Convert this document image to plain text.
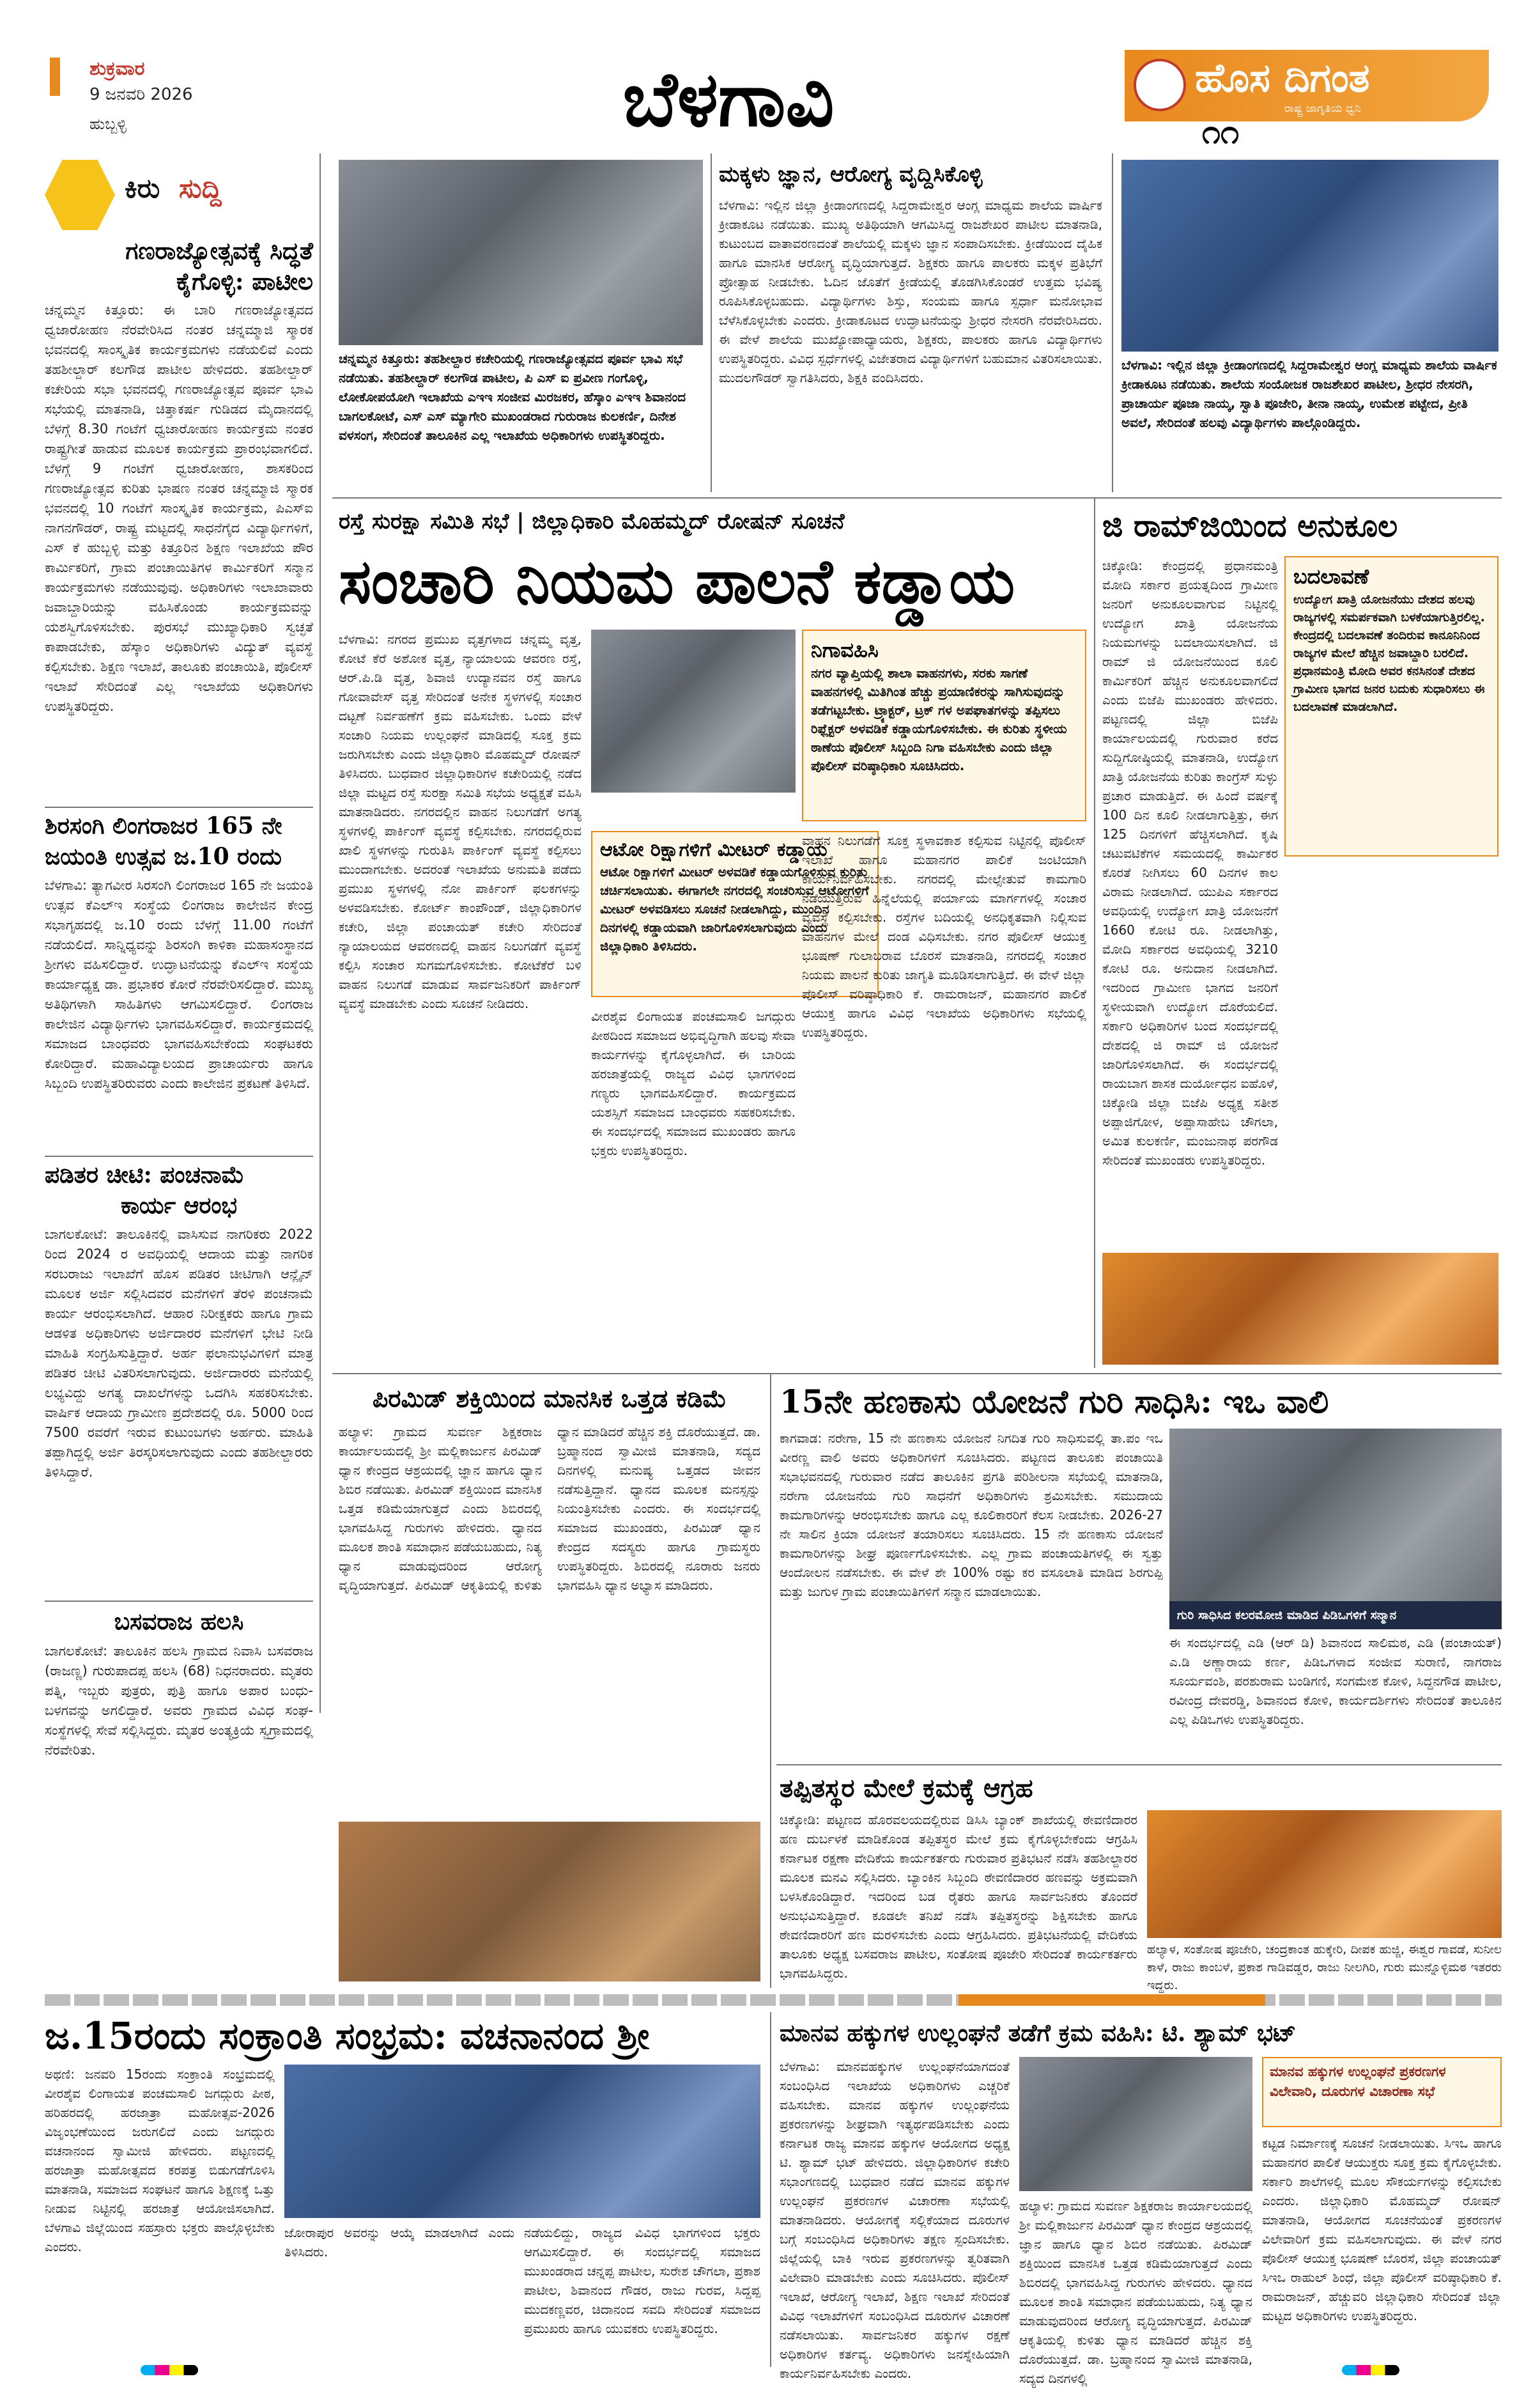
ಶುಕ್ರವಾರ
9 ಜನವರಿ 2026
ಹುಬ್ಬಳ್ಳಿ	ಬೆಳಗಾವಿ	ಹೊಸ ದಿಗಂತ
ರಾಷ್ಟ್ರ ಜಾಗೃತಿಯ ಧ್ವನಿ
೧೧
ಕಿರು ಸುದ್ದಿ
ಗಣರಾಜ್ಯೋತ್ಸವಕ್ಕೆ ಸಿದ್ಧತೆ
ಕೈಗೊಳ್ಳಿ: ಪಾಟೀಲ
ಚನ್ನಮ್ಮನ ಕಿತ್ತೂರು: ಈ ಬಾರಿ ಗಣರಾಜ್ಯೋತ್ಸವದ ಧ್ವಜಾರೋಹಣ ನೆರವೇರಿಸಿದ ನಂತರ ಚನ್ನಮ್ಮಾಜಿ ಸ್ಮಾರಕ ಭವನದಲ್ಲಿ ಸಾಂಸ್ಕೃತಿಕ ಕಾರ್ಯಕ್ರಮಗಳು ನಡೆಯಲಿವೆ ಎಂದು ತಹಶೀಲ್ದಾರ್ ಕಲಗೌಡ ಪಾಟೀಲ ಹೇಳಿದರು. ತಹಶೀಲ್ದಾರ್ ಕಚೇರಿಯ ಸಭಾ ಭವನದಲ್ಲಿ ಗಣರಾಜ್ಯೋತ್ಸವ ಪೂರ್ವ ಭಾವಿ ಸಭೆಯಲ್ಲಿ ಮಾತನಾಡಿ, ಚಿತ್ತಾಕರ್ಷ ಗುಡಿಡದ ಮೈದಾನದಲ್ಲಿ ಬೆಳಗ್ಗೆ 8.30 ಗಂಟೆಗೆ ಧ್ವಜಾರೋಹಣ ಕಾರ್ಯಕ್ರಮ ನಂತರ ರಾಷ್ಟ್ರಗೀತೆ ಹಾಡುವ ಮೂಲಕ ಕಾರ್ಯಕ್ರಮ ಪ್ರಾರಂಭವಾಗಲಿದೆ. ಬೆಳಗ್ಗೆ 9 ಗಂಟೆಗೆ ಧ್ವಜಾರೋಹಣ, ಶಾಸಕರಿಂದ ಗಣರಾಜ್ಯೋತ್ಸವ ಕುರಿತು ಭಾಷಣ ನಂತರ ಚನ್ನಮ್ಮಾಜಿ ಸ್ಮಾರಕ ಭವನದಲ್ಲಿ 10 ಗಂಟೆಗೆ ಸಾಂಸ್ಕೃತಿಕ ಕಾರ್ಯಕ್ರಮ, ಪಿಎಸ್ಐ ನಾಗನಗೌಡರ್, ರಾಷ್ಟ್ರ ಮಟ್ಟದಲ್ಲಿ ಸಾಧನೆಗೈದ ವಿದ್ಯಾರ್ಥಿಗಳಿಗೆ, ಎಸ್ ಕೆ ಹುಬ್ಬಳ್ಳಿ ಮತ್ತು ಕಿತ್ತೂರಿನ ಶಿಕ್ಷಣ ಇಲಾಖೆಯ ಪೌರ ಕಾರ್ಮಿಕರಿಗೆ, ಗ್ರಾಮ ಪಂಚಾಯಿತಿಗಳ ಕಾರ್ಮಿಕರಿಗೆ ಸನ್ಮಾನ ಕಾರ್ಯಕ್ರಮಗಳು ನಡೆಯುವುವು. ಅಧಿಕಾರಿಗಳು ಇಲಾಖಾವಾರು ಜವಾಬ್ದಾರಿಯನ್ನು ವಹಿಸಿಕೊಂಡು ಕಾರ್ಯಕ್ರಮವನ್ನು ಯಶಸ್ವಿಗೊಳಿಸಬೇಕು. ಪುರಸಭೆ ಮುಖ್ಯಾಧಿಕಾರಿ ಸ್ವಚ್ಛತೆ ಕಾಪಾಡಬೇಕು, ಹೆಸ್ಕಾಂ ಅಧಿಕಾರಿಗಳು ವಿದ್ಯುತ್ ವ್ಯವಸ್ಥೆ ಕಲ್ಪಿಸಬೇಕು. ಶಿಕ್ಷಣ ಇಲಾಖೆ, ತಾಲೂಕು ಪಂಚಾಯಿತಿ, ಪೊಲೀಸ್ ಇಲಾಖೆ ಸೇರಿದಂತೆ ಎಲ್ಲ ಇಲಾಖೆಯ ಅಧಿಕಾರಿಗಳು ಉಪಸ್ಥಿತರಿದ್ದರು.
ಶಿರಸಂಗಿ ಲಿಂಗರಾಜರ 165 ನೇ
ಜಯಂತಿ ಉತ್ಸವ ಜ.10 ರಂದು
ಬೆಳಗಾವಿ: ತ್ಯಾಗವೀರ ಸಿರಸಂಗಿ ಲಿಂಗರಾಜರ 165 ನೇ ಜಯಂತಿ ಉತ್ಸವ ಕೆಎಲ್ಇ ಸಂಸ್ಥೆಯ ಲಿಂಗರಾಜ ಕಾಲೇಜಿನ ಕೇಂದ್ರ ಸಭಾಗೃಹದಲ್ಲಿ ಜ.10 ರಂದು ಬೆಳಗ್ಗೆ 11.00 ಗಂಟೆಗೆ ನಡೆಯಲಿದೆ. ಸಾನ್ನಿಧ್ಯವನ್ನು ಶಿರಸಂಗಿ ಕಾಳಿಕಾ ಮಹಾಸಂಸ್ಥಾನದ ಶ್ರೀಗಳು ವಹಿಸಲಿದ್ದಾರೆ. ಉದ್ಘಾಟನೆಯನ್ನು ಕೆಎಲ್ಇ ಸಂಸ್ಥೆಯ ಕಾರ್ಯಾಧ್ಯಕ್ಷ ಡಾ. ಪ್ರಭಾಕರ ಕೋರೆ ನೆರವೇರಿಸಲಿದ್ದಾರೆ. ಮುಖ್ಯ ಅತಿಥಿಗಳಾಗಿ ಸಾಹಿತಿಗಳು ಆಗಮಿಸಲಿದ್ದಾರೆ. ಲಿಂಗರಾಜ ಕಾಲೇಜಿನ ವಿದ್ಯಾರ್ಥಿಗಳು ಭಾಗವಹಿಸಲಿದ್ದಾರೆ. ಕಾರ್ಯಕ್ರಮದಲ್ಲಿ ಸಮಾಜದ ಬಾಂಧವರು ಭಾಗವಹಿಸಬೇಕೆಂದು ಸಂಘಟಕರು ಕೋರಿದ್ದಾರೆ. ಮಹಾವಿದ್ಯಾಲಯದ ಪ್ರಾಚಾರ್ಯರು ಹಾಗೂ ಸಿಬ್ಬಂದಿ ಉಪಸ್ಥಿತರಿರುವರು ಎಂದು ಕಾಲೇಜಿನ ಪ್ರಕಟಣೆ ತಿಳಿಸಿದೆ.
ಪಡಿತರ ಚೀಟಿ: ಪಂಚನಾಮೆ
ಕಾರ್ಯ ಆರಂಭ
ಬಾಗಲಕೋಟೆ: ತಾಲೂಕಿನಲ್ಲಿ ವಾಸಿಸುವ ನಾಗರಿಕರು 2022 ರಿಂದ 2024 ರ ಅವಧಿಯಲ್ಲಿ ಆದಾಯ ಮತ್ತು ನಾಗರಿಕ ಸರಬರಾಜು ಇಲಾಖೆಗೆ ಹೊಸ ಪಡಿತರ ಚೀಟಿಗಾಗಿ ಆನ್ಲೈನ್ ಮೂಲಕ ಅರ್ಜಿ ಸಲ್ಲಿಸಿದವರ ಮನೆಗಳಿಗೆ ತೆರಳಿ ಪಂಚನಾಮೆ ಕಾರ್ಯ ಆರಂಭಿಸಲಾಗಿದೆ. ಆಹಾರ ನಿರೀಕ್ಷಕರು ಹಾಗೂ ಗ್ರಾಮ ಆಡಳಿತ ಅಧಿಕಾರಿಗಳು ಅರ್ಜಿದಾರರ ಮನೆಗಳಿಗೆ ಭೇಟಿ ನೀಡಿ ಮಾಹಿತಿ ಸಂಗ್ರಹಿಸುತ್ತಿದ್ದಾರೆ. ಅರ್ಹ ಫಲಾನುಭವಿಗಳಿಗೆ ಮಾತ್ರ ಪಡಿತರ ಚೀಟಿ ವಿತರಿಸಲಾಗುವುದು. ಅರ್ಜಿದಾರರು ಮನೆಯಲ್ಲಿ ಲಭ್ಯವಿದ್ದು ಅಗತ್ಯ ದಾಖಲೆಗಳನ್ನು ಒದಗಿಸಿ ಸಹಕರಿಸಬೇಕು. ವಾರ್ಷಿಕ ಆದಾಯ ಗ್ರಾಮೀಣ ಪ್ರದೇಶದಲ್ಲಿ ರೂ. 5000 ರಿಂದ 7500 ರವರೆಗೆ ಇರುವ ಕುಟುಂಬಗಳು ಅರ್ಹರು. ಮಾಹಿತಿ ತಪ್ಪಾಗಿದ್ದಲ್ಲಿ ಅರ್ಜಿ ತಿರಸ್ಕರಿಸಲಾಗುವುದು ಎಂದು ತಹಶೀಲ್ದಾರರು ತಿಳಿಸಿದ್ದಾರೆ.
ಬಸವರಾಜ ಹಲಸಿ
ಬಾಗಲಕೋಟೆ: ತಾಲೂಕಿನ ಹಲಸಿ ಗ್ರಾಮದ ನಿವಾಸಿ ಬಸವರಾಜ (ರಾಜಣ್ಣ) ಗುರುಪಾದಪ್ಪ ಹಲಸಿ (68) ನಿಧನರಾದರು. ಮೃತರು ಪತ್ನಿ, ಇಬ್ಬರು ಪುತ್ರರು, ಪುತ್ರಿ ಹಾಗೂ ಅಪಾರ ಬಂಧು-ಬಳಗವನ್ನು ಅಗಲಿದ್ದಾರೆ. ಅವರು ಗ್ರಾಮದ ವಿವಿಧ ಸಂಘ-ಸಂಸ್ಥೆಗಳಲ್ಲಿ ಸೇವೆ ಸಲ್ಲಿಸಿದ್ದರು. ಮೃತರ ಅಂತ್ಯಕ್ರಿಯೆ ಸ್ವಗ್ರಾಮದಲ್ಲಿ ನೆರವೇರಿತು.
ಚನ್ನಮ್ಮನ ಕಿತ್ತೂರು: ತಹಶೀಲ್ದಾರ ಕಚೇರಿಯಲ್ಲಿ ಗಣರಾಜ್ಯೋತ್ಸವದ ಪೂರ್ವ ಭಾವಿ ಸಭೆ ನಡೆಯಿತು. ತಹಶೀಲ್ದಾರ್ ಕಲಗೌಡ ಪಾಟೀಲ, ಪಿ ಎಸ್ ಐ ಪ್ರವೀಣ ಗಂಗೊಳ್ಳಿ, ಲೋಕೋಪಯೋಗಿ ಇಲಾಖೆಯ ಎಇಇ ಸಂಜೀವ ಮಿರಜಕರ, ಹೆಸ್ಕಾಂ ಎಇಇ ಶಿವಾನಂದ ಬಾಗಲಕೋಟೆ, ಎಸ್ ಎಸ್ ಮ್ಯಾಗೇರಿ ಮುಖಂಡರಾದ ಗುರುರಾಜ ಕುಲಕರ್ಣಿ, ದಿನೇಶ ವಳಸಂಗ, ಸೇರಿದಂತೆ ತಾಲೂಕಿನ ಎಲ್ಲ ಇಲಾಖೆಯ ಅಧಿಕಾರಿಗಳು ಉಪಸ್ಥಿತರಿದ್ದರು.
ಮಕ್ಕಳು ಜ್ಞಾನ, ಆರೋಗ್ಯ ವೃದ್ದಿಸಿಕೊಳ್ಳಿ
ಬೆಳಗಾವಿ: ಇಲ್ಲಿನ ಜಿಲ್ಲಾ ಕ್ರೀಡಾಂಗಣದಲ್ಲಿ ಸಿದ್ದರಾಮೇಶ್ವರ ಆಂಗ್ಲ ಮಾಧ್ಯಮ ಶಾಲೆಯ ವಾರ್ಷಿಕ ಕ್ರೀಡಾಕೂಟ ನಡೆಯಿತು. ಮುಖ್ಯ ಅತಿಥಿಯಾಗಿ ಆಗಮಿಸಿದ್ದ ರಾಜಶೇಖರ ಪಾಟೀಲ ಮಾತನಾಡಿ, ಕುಟುಂಬದ ವಾತಾವರಣದಂತೆ ಶಾಲೆಯಲ್ಲಿ ಮಕ್ಕಳು ಜ್ಞಾನ ಸಂಪಾದಿಸಬೇಕು. ಕ್ರೀಡೆಯಿಂದ ದೈಹಿಕ ಹಾಗೂ ಮಾನಸಿಕ ಆರೋಗ್ಯ ವೃದ್ಧಿಯಾಗುತ್ತದೆ. ಶಿಕ್ಷಕರು ಹಾಗೂ ಪಾಲಕರು ಮಕ್ಕಳ ಪ್ರತಿಭೆಗೆ ಪ್ರೋತ್ಸಾಹ ನೀಡಬೇಕು. ಓದಿನ ಜೊತೆಗೆ ಕ್ರೀಡೆಯಲ್ಲಿ ತೊಡಗಿಸಿಕೊಂಡರೆ ಉತ್ತಮ ಭವಿಷ್ಯ ರೂಪಿಸಿಕೊಳ್ಳಬಹುದು. ವಿದ್ಯಾರ್ಥಿಗಳು ಶಿಸ್ತು, ಸಂಯಮ ಹಾಗೂ ಸ್ಪರ್ಧಾ ಮನೋಭಾವ ಬೆಳೆಸಿಕೊಳ್ಳಬೇಕು ಎಂದರು. ಕ್ರೀಡಾಕೂಟದ ಉದ್ಘಾಟನೆಯನ್ನು ಶ್ರೀಧರ ನೇಸರಗಿ ನೆರವೇರಿಸಿದರು. ಈ ವೇಳೆ ಶಾಲೆಯ ಮುಖ್ಯೋಪಾಧ್ಯಾಯರು, ಶಿಕ್ಷಕರು, ಪಾಲಕರು ಹಾಗೂ ವಿದ್ಯಾರ್ಥಿಗಳು ಉಪಸ್ಥಿತರಿದ್ದರು. ವಿವಿಧ ಸ್ಪರ್ಧೆಗಳಲ್ಲಿ ವಿಜೇತರಾದ ವಿದ್ಯಾರ್ಥಿಗಳಿಗೆ ಬಹುಮಾನ ವಿತರಿಸಲಾಯಿತು. ಮುದಲಗೌಡರ್ ಸ್ವಾಗತಿಸಿದರು, ಶಿಕ್ಷಕಿ ವಂದಿಸಿದರು.
ಬೆಳಗಾವಿ: ಇಲ್ಲಿನ ಜಿಲ್ಲಾ ಕ್ರೀಡಾಂಗಣದಲ್ಲಿ ಸಿದ್ದರಾಮೇಶ್ವರ ಆಂಗ್ಲ ಮಾಧ್ಯಮ ಶಾಲೆಯ ವಾರ್ಷಿಕ ಕ್ರೀಡಾಕೂಟ ನಡೆಯಿತು. ಶಾಲೆಯ ಸಂಯೋಜಕ ರಾಜಶೇಖರ ಪಾಟೀಲ, ಶ್ರೀಧರ ನೇಸರಗಿ, ಪ್ರಾಚಾರ್ಯ ಪೂಜಾ ನಾಯ್ಕ, ಸ್ವಾತಿ ಪೂಜೇರಿ, ತೀನಾ ನಾಯ್ಕ, ಉಮೇಶ ಪಟ್ಟೇದ, ಪ್ರೀತಿ ಅವಲೆ, ಸೇರಿದಂತೆ ಹಲವು ವಿದ್ಯಾರ್ಥಿಗಳು ಪಾಲ್ಗೊಂಡಿದ್ದರು.
ರಸ್ತೆ ಸುರಕ್ಷಾ ಸಮಿತಿ ಸಭೆ | ಜಿಲ್ಲಾಧಿಕಾರಿ ಮೊಹಮ್ಮದ್ ರೋಷನ್ ಸೂಚನೆ
ಸಂಚಾರಿ ನಿಯಮ ಪಾಲನೆ ಕಡ್ಡಾಯ
ಬೆಳಗಾವಿ: ನಗರದ ಪ್ರಮುಖ ವೃತ್ತಗಳಾದ ಚನ್ನಮ್ಮ ವೃತ್ತ, ಕೋಟೆ ಕೆರೆ ಅಶೋಕ ವೃತ್ತ, ನ್ಯಾಯಾಲಯ ಆವರಣ ರಸ್ತೆ, ಆರ್.ಪಿ.ಡಿ ವೃತ್ತ, ಶಿವಾಜಿ ಉದ್ಯಾನವನ ರಸ್ತೆ ಹಾಗೂ ಗೋವಾವೇಸ್ ವೃತ್ತ ಸೇರಿದಂತೆ ಅನೇಕ ಸ್ಥಳಗಳಲ್ಲಿ ಸಂಚಾರ ದಟ್ಟಣೆ ನಿರ್ವಹಣೆಗೆ ಕ್ರಮ ವಹಿಸಬೇಕು. ಒಂದು ವೇಳೆ ಸಂಚಾರಿ ನಿಯಮ ಉಲ್ಲಂಘನೆ ಮಾಡಿದಲ್ಲಿ ಸೂಕ್ತ ಕ್ರಮ ಜರುಗಿಸಬೇಕು ಎಂದು ಜಿಲ್ಲಾಧಿಕಾರಿ ಮೊಹಮ್ಮದ್ ರೋಷನ್ ತಿಳಿಸಿದರು. ಬುಧವಾರ ಜಿಲ್ಲಾಧಿಕಾರಿಗಳ ಕಚೇರಿಯಲ್ಲಿ ನಡೆದ ಜಿಲ್ಲಾ ಮಟ್ಟದ ರಸ್ತೆ ಸುರಕ್ಷಾ ಸಮಿತಿ ಸಭೆಯ ಅಧ್ಯಕ್ಷತೆ ವಹಿಸಿ ಮಾತನಾಡಿದರು. ನಗರದಲ್ಲಿನ ವಾಹನ ನಿಲುಗಡೆಗೆ ಅಗತ್ಯ ಸ್ಥಳಗಳಲ್ಲಿ ಪಾರ್ಕಿಂಗ್ ವ್ಯವಸ್ಥೆ ಕಲ್ಪಿಸಬೇಕು. ನಗರದಲ್ಲಿರುವ ಖಾಲಿ ಸ್ಥಳಗಳನ್ನು ಗುರುತಿಸಿ ಪಾರ್ಕಿಂಗ್ ವ್ಯವಸ್ಥೆ ಕಲ್ಪಿಸಲು ಮುಂದಾಗಬೇಕು. ಅದರಂತೆ ಇಲಾಖೆಯ ಅನುಮತಿ ಪಡೆದು ಪ್ರಮುಖ ಸ್ಥಳಗಳಲ್ಲಿ ನೋ ಪಾರ್ಕಿಂಗ್ ಫಲಕಗಳನ್ನು ಅಳವಡಿಸಬೇಕು. ಕೋರ್ಟ್ ಕಾಂಪೌಂಡ್, ಜಿಲ್ಲಾಧಿಕಾರಿಗಳ ಕಚೇರಿ, ಜಿಲ್ಲಾ ಪಂಚಾಯತ್ ಕಚೇರಿ ಸೇರಿದಂತೆ ನ್ಯಾಯಾಲಯದ ಆವರಣದಲ್ಲಿ ವಾಹನ ನಿಲುಗಡೆಗೆ ವ್ಯವಸ್ಥೆ ಕಲ್ಪಿಸಿ ಸಂಚಾರ ಸುಗಮಗೊಳಿಸಬೇಕು. ಕೋಟೆಕೆರೆ ಬಳಿ ವಾಹನ ನಿಲುಗಡೆ ಮಾಡುವ ಸಾರ್ವಜನಿಕರಿಗೆ ಪಾರ್ಕಿಂಗ್ ವ್ಯವಸ್ಥೆ ಮಾಡಬೇಕು ಎಂದು ಸೂಚನೆ ನೀಡಿದರು.
ನಿಗಾವಹಿಸಿ
ನಗರ ವ್ಯಾಪ್ತಿಯಲ್ಲಿ ಶಾಲಾ ವಾಹನಗಳು, ಸರಕು ಸಾಗಣೆ ವಾಹನಗಳಲ್ಲಿ ಮಿತಿಗಿಂತ ಹೆಚ್ಚು ಪ್ರಯಾಣಿಕರನ್ನು ಸಾಗಿಸುವುದನ್ನು ತಡೆಗಟ್ಟಬೇಕು. ಟ್ರ್ಯಾಕ್ಟರ್, ಟ್ರಕ್ ಗಳ ಅಪಘಾತಗಳನ್ನು ತಪ್ಪಿಸಲು ರಿಫ್ಲೆಕ್ಟರ್ ಅಳವಡಿಕೆ ಕಡ್ಡಾಯಗೊಳಿಸಬೇಕು. ಈ ಕುರಿತು ಸ್ಥಳೀಯ ಠಾಣೆಯ ಪೊಲೀಸ್ ಸಿಬ್ಬಂದಿ ನಿಗಾ ವಹಿಸಬೇಕು ಎಂದು ಜಿಲ್ಲಾ ಪೊಲೀಸ್ ವರಿಷ್ಠಾಧಿಕಾರಿ ಸೂಚಿಸಿದರು.
ಆಟೋ ರಿಕ್ಷಾಗಳಿಗೆ ಮೀಟರ್ ಕಡ್ಡಾಯ
ಆಟೋ ರಿಕ್ಷಾಗಳಿಗೆ ಮೀಟರ್ ಅಳವಡಿಕೆ ಕಡ್ಡಾಯಗೊಳಿಸುವ ಕುರಿತು ಚರ್ಚಿಸಲಾಯಿತು. ಈಗಾಗಲೇ ನಗರದಲ್ಲಿ ಸಂಚರಿಸುವ ಆಟೋಗಳಿಗೆ ಮೀಟರ್ ಅಳವಡಿಸಲು ಸೂಚನೆ ನೀಡಲಾಗಿದ್ದು, ಮುಂದಿನ ದಿನಗಳಲ್ಲಿ ಕಡ್ಡಾಯವಾಗಿ ಜಾರಿಗೊಳಿಸಲಾಗುವುದು ಎಂದು ಜಿಲ್ಲಾಧಿಕಾರಿ ತಿಳಿಸಿದರು.
ವಾಹನ ನಿಲುಗಡೆಗೆ ಸೂಕ್ತ ಸ್ಥಳಾವಕಾಶ ಕಲ್ಪಿಸುವ ನಿಟ್ಟಿನಲ್ಲಿ ಪೊಲೀಸ್ ಇಲಾಖೆ ಹಾಗೂ ಮಹಾನಗರ ಪಾಲಿಕೆ ಜಂಟಿಯಾಗಿ ಕಾರ್ಯನಿರ್ವಹಿಸಬೇಕು. ನಗರದಲ್ಲಿ ಮೇಲ್ಸೇತುವೆ ಕಾಮಗಾರಿ ನಡೆಯುತ್ತಿರುವ ಹಿನ್ನೆಲೆಯಲ್ಲಿ ಪರ್ಯಾಯ ಮಾರ್ಗಗಳಲ್ಲಿ ಸಂಚಾರ ವ್ಯವಸ್ಥೆ ಕಲ್ಪಿಸಬೇಕು. ರಸ್ತೆಗಳ ಬದಿಯಲ್ಲಿ ಅನಧಿಕೃತವಾಗಿ ನಿಲ್ಲಿಸುವ ವಾಹನಗಳ ಮೇಲೆ ದಂಡ ವಿಧಿಸಬೇಕು. ನಗರ ಪೊಲೀಸ್ ಆಯುಕ್ತ ಭೂಷಣ್ ಗುಲಾಬರಾವ ಬೊರಸೆ ಮಾತನಾಡಿ, ನಗರದಲ್ಲಿ ಸಂಚಾರ ನಿಯಮ ಪಾಲನೆ ಕುರಿತು ಜಾಗೃತಿ ಮೂಡಿಸಲಾಗುತ್ತಿದೆ. ಈ ವೇಳೆ ಜಿಲ್ಲಾ ಪೊಲೀಸ್ ವರಿಷ್ಠಾಧಿಕಾರಿ ಕೆ. ರಾಮರಾಜನ್, ಮಹಾನಗರ ಪಾಲಿಕೆ ಆಯುಕ್ತ ಹಾಗೂ ವಿವಿಧ ಇಲಾಖೆಯ ಅಧಿಕಾರಿಗಳು ಸಭೆಯಲ್ಲಿ ಉಪಸ್ಥಿತರಿದ್ದರು.
ವೀರಶೈವ ಲಿಂಗಾಯತ ಪಂಚಮಸಾಲಿ ಜಗದ್ಗುರು ಪೀಠದಿಂದ ಸಮಾಜದ ಅಭಿವೃದ್ಧಿಗಾಗಿ ಹಲವು ಸೇವಾ ಕಾರ್ಯಗಳನ್ನು ಕೈಗೊಳ್ಳಲಾಗಿದೆ. ಈ ಬಾರಿಯ ಹರಜಾತ್ರೆಯಲ್ಲಿ ರಾಜ್ಯದ ವಿವಿಧ ಭಾಗಗಳಿಂದ ಗಣ್ಯರು ಭಾಗವಹಿಸಲಿದ್ದಾರೆ. ಕಾರ್ಯಕ್ರಮದ ಯಶಸ್ಸಿಗೆ ಸಮಾಜದ ಬಾಂಧವರು ಸಹಕರಿಸಬೇಕು. ಈ ಸಂದರ್ಭದಲ್ಲಿ ಸಮಾಜದ ಮುಖಂಡರು ಹಾಗೂ ಭಕ್ತರು ಉಪಸ್ಥಿತರಿದ್ದರು.
ಜಿ ರಾಮ್‌ಜಿಯಿಂದ ಅನುಕೂಲ
ಬದಲಾವಣೆ
ಉದ್ಯೋಗ ಖಾತ್ರಿ ಯೋಜನೆಯು ದೇಶದ ಹಲವು ರಾಜ್ಯಗಳಲ್ಲಿ ಸಮರ್ಪಕವಾಗಿ ಬಳಕೆಯಾಗುತ್ತಿರಲಿಲ್ಲ. ಕೇಂದ್ರದಲ್ಲಿ ಬದಲಾವಣೆ ತಂದಿರುವ ಕಾನೂನಿನಿಂದ ರಾಜ್ಯಗಳ ಮೇಲೆ ಹೆಚ್ಚಿನ ಜವಾಬ್ದಾರಿ ಬರಲಿದೆ. ಪ್ರಧಾನಮಂತ್ರಿ ಮೋದಿ ಅವರ ಕನಸಿನಂತೆ ದೇಶದ ಗ್ರಾಮೀಣ ಭಾಗದ ಜನರ ಬದುಕು ಸುಧಾರಿಸಲು ಈ ಬದಲಾವಣೆ ಮಾಡಲಾಗಿದೆ.
ಚಿಕ್ಕೋಡಿ: ಕೇಂದ್ರದಲ್ಲಿ ಪ್ರಧಾನಮಂತ್ರಿ ಮೋದಿ ಸರ್ಕಾರ ಪ್ರಯತ್ನದಿಂದ ಗ್ರಾಮೀಣ ಜನರಿಗೆ ಅನುಕೂಲವಾಗುವ ನಿಟ್ಟಿನಲ್ಲಿ ಉದ್ಯೋಗ ಖಾತ್ರಿ ಯೋಜನೆಯ ನಿಯಮಗಳನ್ನು ಬದಲಾಯಿಸಲಾಗಿದೆ. ಜಿ ರಾಮ್ ಜಿ ಯೋಜನೆಯಿಂದ ಕೂಲಿ ಕಾರ್ಮಿಕರಿಗೆ ಹೆಚ್ಚಿನ ಅನುಕೂಲವಾಗಲಿದೆ ಎಂದು ಬಿಜೆಪಿ ಮುಖಂಡರು ಹೇಳಿದರು. ಪಟ್ಟಣದಲ್ಲಿ ಜಿಲ್ಲಾ ಬಿಜೆಪಿ ಕಾರ್ಯಾಲಯದಲ್ಲಿ ಗುರುವಾರ ಕರೆದ ಸುದ್ದಿಗೋಷ್ಠಿಯಲ್ಲಿ ಮಾತನಾಡಿ, ಉದ್ಯೋಗ ಖಾತ್ರಿ ಯೋಜನೆಯ ಕುರಿತು ಕಾಂಗ್ರೆಸ್ ಸುಳ್ಳು ಪ್ರಚಾರ ಮಾಡುತ್ತಿದೆ. ಈ ಹಿಂದೆ ವರ್ಷಕ್ಕೆ 100 ದಿನ ಕೂಲಿ ನೀಡಲಾಗುತ್ತಿತ್ತು, ಈಗ 125 ದಿನಗಳಿಗೆ ಹೆಚ್ಚಿಸಲಾಗಿದೆ. ಕೃಷಿ ಚಟುವಟಿಕೆಗಳ ಸಮಯದಲ್ಲಿ ಕಾರ್ಮಿಕರ ಕೊರತೆ ನೀಗಿಸಲು 60 ದಿನಗಳ ಕಾಲ ವಿರಾಮ ನೀಡಲಾಗಿದೆ. ಯುಪಿಎ ಸರ್ಕಾರದ ಅವಧಿಯಲ್ಲಿ ಉದ್ಯೋಗ ಖಾತ್ರಿ ಯೋಜನೆಗೆ 1660 ಕೋಟಿ ರೂ. ನೀಡಲಾಗಿತ್ತು, ಮೋದಿ ಸರ್ಕಾರದ ಅವಧಿಯಲ್ಲಿ 3210 ಕೋಟಿ ರೂ. ಅನುದಾನ ನೀಡಲಾಗಿದೆ. ಇದರಿಂದ ಗ್ರಾಮೀಣ ಭಾಗದ ಜನರಿಗೆ ಸ್ಥಳೀಯವಾಗಿ ಉದ್ಯೋಗ ದೊರೆಯಲಿದೆ. ಸರ್ಕಾರಿ ಅಧಿಕಾರಿಗಳ ಬಂದ ಸಂದರ್ಭದಲ್ಲಿ ದೇಶದಲ್ಲಿ ಜಿ ರಾಮ್ ಜಿ ಯೋಜನೆ ಜಾರಿಗೊಳಿಸಲಾಗಿದೆ. ಈ ಸಂದರ್ಭದಲ್ಲಿ ರಾಯಬಾಗ ಶಾಸಕ ದುರ್ಯೋಧನ ಐಹೊಳೆ, ಚಿಕ್ಕೋಡಿ ಜಿಲ್ಲಾ ಬಿಜೆಪಿ ಅಧ್ಯಕ್ಷ ಸತೀಶ ಅಪ್ಪಾಜಿಗೋಳ, ಅಪ್ಪಾಸಾಹೇಬ ಚೌಗಲಾ, ಅಮಿತ ಕುಲಕರ್ಣಿ, ಮಂಜುನಾಥ ಪರಗೌಡ ಸೇರಿದಂತೆ ಮುಖಂಡರು ಉಪಸ್ಥಿತರಿದ್ದರು.
ಪಿರಮಿಡ್ ಶಕ್ತಿಯಿಂದ ಮಾನಸಿಕ ಒತ್ತಡ ಕಡಿಮೆ
ಹಲ್ಯಾಳ: ಗ್ರಾಮದ ಸುವರ್ಣ ಶಿಕ್ಷಕರಾಜ ಕಾರ್ಯಾಲಯದಲ್ಲಿ ಶ್ರೀ ಮಲ್ಲಿಕಾರ್ಜುನ ಪಿರಮಿಡ್ ಧ್ಯಾನ ಕೇಂದ್ರದ ಆಶ್ರಯದಲ್ಲಿ ಜ್ಞಾನ ಹಾಗೂ ಧ್ಯಾನ ಶಿಬಿರ ನಡೆಯಿತು. ಪಿರಮಿಡ್ ಶಕ್ತಿಯಿಂದ ಮಾನಸಿಕ ಒತ್ತಡ ಕಡಿಮೆಯಾಗುತ್ತದೆ ಎಂದು ಶಿಬಿರದಲ್ಲಿ ಭಾಗವಹಿಸಿದ್ದ ಗುರುಗಳು ಹೇಳಿದರು. ಧ್ಯಾನದ ಮೂಲಕ ಶಾಂತಿ ಸಮಾಧಾನ ಪಡೆಯಬಹುದು, ನಿತ್ಯ ಧ್ಯಾನ ಮಾಡುವುದರಿಂದ ಆರೋಗ್ಯ ವೃದ್ಧಿಯಾಗುತ್ತದೆ. ಪಿರಮಿಡ್ ಆಕೃತಿಯಲ್ಲಿ ಕುಳಿತು ಧ್ಯಾನ ಮಾಡಿದರೆ ಹೆಚ್ಚಿನ ಶಕ್ತಿ ದೊರೆಯುತ್ತದೆ. ಡಾ. ಬ್ರಹ್ಮಾನಂದ ಸ್ವಾಮೀಜಿ ಮಾತನಾಡಿ, ಸದ್ಯದ ದಿನಗಳಲ್ಲಿ ಮನುಷ್ಯ ಒತ್ತಡದ ಜೀವನ ನಡೆಸುತ್ತಿದ್ದಾನೆ. ಧ್ಯಾನದ ಮೂಲಕ ಮನಸ್ಸನ್ನು ನಿಯಂತ್ರಿಸಬೇಕು ಎಂದರು. ಈ ಸಂದರ್ಭದಲ್ಲಿ ಸಮಾಜದ ಮುಖಂಡರು, ಪಿರಮಿಡ್ ಧ್ಯಾನ ಕೇಂದ್ರದ ಸದಸ್ಯರು ಹಾಗೂ ಗ್ರಾಮಸ್ಥರು ಉಪಸ್ಥಿತರಿದ್ದರು. ಶಿಬಿರದಲ್ಲಿ ನೂರಾರು ಜನರು ಭಾಗವಹಿಸಿ ಧ್ಯಾನ ಅಭ್ಯಾಸ ಮಾಡಿದರು.
15ನೇ ಹಣಕಾಸು ಯೋಜನೆ ಗುರಿ ಸಾಧಿಸಿ: ಇಒ ವಾಲಿ
ಕಾಗವಾಡ: ನರೇಗಾ, 15 ನೇ ಹಣಕಾಸು ಯೋಜನೆ ನಿಗದಿತ ಗುರಿ ಸಾಧಿಸುವಲ್ಲಿ ತಾ.ಪಂ ಇಒ ವೀರಣ್ಣ ವಾಲಿ ಅವರು ಅಧಿಕಾರಿಗಳಿಗೆ ಸೂಚಿಸಿದರು. ಪಟ್ಟಣದ ತಾಲೂಕು ಪಂಚಾಯಿತಿ ಸಭಾಭವನದಲ್ಲಿ ಗುರುವಾರ ನಡೆದ ತಾಲೂಕಿನ ಪ್ರಗತಿ ಪರಿಶೀಲನಾ ಸಭೆಯಲ್ಲಿ ಮಾತನಾಡಿ, ನರೇಗಾ ಯೋಜನೆಯ ಗುರಿ ಸಾಧನೆಗೆ ಅಧಿಕಾರಿಗಳು ಶ್ರಮಿಸಬೇಕು. ಸಮುದಾಯ ಕಾಮಗಾರಿಗಳನ್ನು ಆರಂಭಿಸಬೇಕು ಹಾಗೂ ಎಲ್ಲ ಕೂಲಿಕಾರರಿಗೆ ಕೆಲಸ ನೀಡಬೇಕು. 2026-27 ನೇ ಸಾಲಿನ ಕ್ರಿಯಾ ಯೋಜನೆ ತಯಾರಿಸಲು ಸೂಚಿಸಿದರು. 15 ನೇ ಹಣಕಾಸು ಯೋಜನೆ ಕಾಮಗಾರಿಗಳನ್ನು ಶೀಘ್ರ ಪೂರ್ಣಗೊಳಿಸಬೇಕು. ಎಲ್ಲ ಗ್ರಾಮ ಪಂಚಾಯತಿಗಳಲ್ಲಿ ಈ ಸ್ವತ್ತು ಆಂದೋಲನ ನಡೆಸಬೇಕು. ಈ ವೇಳೆ ಶೇ 100% ರಷ್ಟು ಕರ ವಸೂಲಾತಿ ಮಾಡಿದ ಶಿರಗುಪ್ಪಿ ಮತ್ತು ಜುಗುಳ ಗ್ರಾಮ ಪಂಚಾಯಿತಿಗಳಿಗೆ ಸನ್ಮಾನ ಮಾಡಲಾಯಿತು.
ಗುರಿ ಸಾಧಿಸಿದ ಕಲರಮೋಜಿ ಮಾಡಿದ ಪಿಡಿಒಗಳಿಗೆ ಸನ್ಮಾನ
ಈ ಸಂದರ್ಭದಲ್ಲಿ ಎಡಿ (ಆರ್ ಡಿ) ಶಿವಾನಂದ ಸಾಲಿಮಠ, ಎಡಿ (ಪಂಚಾಯತ್) ಎ.ಡಿ ಅಣ್ಣಾರಾಯ ಕರ್ಣ, ಪಿಡಿಒಗಳಾದ ಸಂಜೀವ ಸುರಾಣಿ, ನಾಗರಾಜ ಸೂರ್ಯವಂಶಿ, ಪರಶುರಾಮ ಬಂಡಿಗಣಿ, ಸಂಗಮೇಶ ಕೋಳಿ, ಸಿದ್ದನಗೌಡ ಪಾಟೀಲ, ರವೀಂದ್ರ ದೇವರಡ್ಡಿ, ಶಿವಾನಂದ ಕೋಳಿ, ಕಾರ್ಯದರ್ಶಿಗಳು ಸೇರಿದಂತೆ ತಾಲೂಕಿನ ಎಲ್ಲ ಪಿಡಿಒಗಳು ಉಪಸ್ಥಿತರಿದ್ದರು.
ತಪ್ಪಿತಸ್ಥರ ಮೇಲೆ ಕ್ರಮಕ್ಕೆ ಆಗ್ರಹ
ಚಿಕ್ಕೋಡಿ: ಪಟ್ಟಣದ ಹೊರವಲಯದಲ್ಲಿರುವ ಡಿಸಿಸಿ ಬ್ಯಾಂಕ್ ಶಾಖೆಯಲ್ಲಿ ಠೇವಣಿದಾರರ ಹಣ ದುರ್ಬಳಕೆ ಮಾಡಿಕೊಂಡ ತಪ್ಪಿತಸ್ಥರ ಮೇಲೆ ಕ್ರಮ ಕೈಗೊಳ್ಳಬೇಕೆಂದು ಆಗ್ರಹಿಸಿ ಕರ್ನಾಟಕ ರಕ್ಷಣಾ ವೇದಿಕೆಯ ಕಾರ್ಯಕರ್ತರು ಗುರುವಾರ ಪ್ರತಿಭಟನೆ ನಡೆಸಿ ತಹಶೀಲ್ದಾರರ ಮೂಲಕ ಮನವಿ ಸಲ್ಲಿಸಿದರು. ಬ್ಯಾಂಕಿನ ಸಿಬ್ಬಂದಿ ಠೇವಣಿದಾರರ ಹಣವನ್ನು ಅಕ್ರಮವಾಗಿ ಬಳಸಿಕೊಂಡಿದ್ದಾರೆ. ಇದರಿಂದ ಬಡ ರೈತರು ಹಾಗೂ ಸಾರ್ವಜನಿಕರು ತೊಂದರೆ ಅನುಭವಿಸುತ್ತಿದ್ದಾರೆ. ಕೂಡಲೇ ತನಿಖೆ ನಡೆಸಿ ತಪ್ಪಿತಸ್ಥರನ್ನು ಶಿಕ್ಷಿಸಬೇಕು ಹಾಗೂ ಠೇವಣಿದಾರರಿಗೆ ಹಣ ಮರಳಿಸಬೇಕು ಎಂದು ಆಗ್ರಹಿಸಿದರು. ಪ್ರತಿಭಟನೆಯಲ್ಲಿ ವೇದಿಕೆಯ ತಾಲೂಕು ಅಧ್ಯಕ್ಷ ಬಸವರಾಜ ಪಾಟೀಲ, ಸಂತೋಷ ಪೂಜೇರಿ ಸೇರಿದಂತೆ ಕಾರ್ಯಕರ್ತರು ಭಾಗವಹಿಸಿದ್ದರು.
ಹಲ್ಯಾಳ, ಸಂತೋಷ ಪೂಜೇರಿ, ಚಂದ್ರಕಾಂತ ಹುಕ್ಕೇರಿ, ದೀಪಕ ಹುಜ್ಜಿ, ಈಶ್ವರ ಗಾವಡೆ, ಸುನೀಲ ಕಾಳೆ, ರಾಜು ಕಾಂಬಳೆ, ಪ್ರಕಾಶ ಗಾಡಿವಡ್ಡರ, ರಾಜು ನೀಲಗಿರಿ, ಗುರು ಮುನ್ನೊಳ್ಳಿಮಠ ಇತರರು ಇದ್ದರು.
ಜ.15ರಂದು ಸಂಕ್ರಾಂತಿ ಸಂಭ್ರಮ: ವಚನಾನಂದ ಶ್ರೀ
ಅಥಣಿ: ಜನವರಿ 15ರಂದು ಸಂಕ್ರಾಂತಿ ಸಂಭ್ರಮದಲ್ಲಿ ವೀರಶೈವ ಲಿಂಗಾಯತ ಪಂಚಮಸಾಲಿ ಜಗದ್ಗುರು ಪೀಠ, ಹರಿಹರದಲ್ಲಿ ಹರಜಾತ್ರಾ ಮಹೋತ್ಸವ-2026 ವಿಜೃಂಭಣೆಯಿಂದ ಜರುಗಲಿದೆ ಎಂದು ಜಗದ್ಗುರು ವಚನಾನಂದ ಸ್ವಾಮೀಜಿ ಹೇಳಿದರು. ಪಟ್ಟಣದಲ್ಲಿ ಹರಜಾತ್ರಾ ಮಹೋತ್ಸವದ ಕರಪತ್ರ ಬಿಡುಗಡೆಗೊಳಿಸಿ ಮಾತನಾಡಿ, ಸಮಾಜದ ಸಂಘಟನೆ ಹಾಗೂ ಶಿಕ್ಷಣಕ್ಕೆ ಒತ್ತು ನೀಡುವ ನಿಟ್ಟಿನಲ್ಲಿ ಹರಜಾತ್ರೆ ಆಯೋಜಿಸಲಾಗಿದೆ. ಬೆಳಗಾವಿ ಜಿಲ್ಲೆಯಿಂದ ಸಹಸ್ರಾರು ಭಕ್ತರು ಪಾಲ್ಗೊಳ್ಳಬೇಕು ಎಂದರು.
ಜೋರಾಪುರ ಅವರನ್ನು ಆಯ್ಕೆ ಮಾಡಲಾಗಿದೆ ಎಂದು ತಿಳಿಸಿದರು.
ನಡೆಯಲಿದ್ದು, ರಾಜ್ಯದ ವಿವಿಧ ಭಾಗಗಳಿಂದ ಭಕ್ತರು ಆಗಮಿಸಲಿದ್ದಾರೆ. ಈ ಸಂದರ್ಭದಲ್ಲಿ ಸಮಾಜದ ಮುಖಂಡರಾದ ಚನ್ನಪ್ಪ ಪಾಟೀಲ, ಸುರೇಶ ಚೌಗಲಾ, ಪ್ರಕಾಶ ಪಾಟೀಲ, ಶಿವಾನಂದ ಗೌಡರ, ರಾಜು ಗುರವ, ಸಿದ್ದಪ್ಪ ಮುದಕಣ್ಣವರ, ಚಿದಾನಂದ ಸವದಿ ಸೇರಿದಂತೆ ಸಮಾಜದ ಪ್ರಮುಖರು ಹಾಗೂ ಯುವಕರು ಉಪಸ್ಥಿತರಿದ್ದರು.
ಮಾನವ ಹಕ್ಕುಗಳ ಉಲ್ಲಂಘನೆ ತಡೆಗೆ ಕ್ರಮ ವಹಿಸಿ: ಟಿ. ಶ್ಯಾಮ್ ಭಟ್
ಬೆಳಗಾವಿ: ಮಾನವಹಕ್ಕುಗಳ ಉಲ್ಲಂಘನೆಯಾಗದಂತೆ ಸಂಬಂಧಿಸಿದ ಇಲಾಖೆಯ ಅಧಿಕಾರಿಗಳು ಎಚ್ಚರಿಕೆ ವಹಿಸಬೇಕು. ಮಾನವ ಹಕ್ಕುಗಳ ಉಲ್ಲಂಘನೆಯ ಪ್ರಕರಣಗಳನ್ನು ಶೀಘ್ರವಾಗಿ ಇತ್ಯರ್ಥಪಡಿಸಬೇಕು ಎಂದು ಕರ್ನಾಟಕ ರಾಜ್ಯ ಮಾನವ ಹಕ್ಕುಗಳ ಆಯೋಗದ ಅಧ್ಯಕ್ಷ ಟಿ. ಶ್ಯಾಮ್ ಭಟ್ ಹೇಳಿದರು. ಜಿಲ್ಲಾಧಿಕಾರಿಗಳ ಕಚೇರಿ ಸಭಾಂಗಣದಲ್ಲಿ ಬುಧವಾರ ನಡೆದ ಮಾನವ ಹಕ್ಕುಗಳ ಉಲ್ಲಂಘನೆ ಪ್ರಕರಣಗಳ ವಿಚಾರಣಾ ಸಭೆಯಲ್ಲಿ ಮಾತನಾಡಿದರು. ಆಯೋಗಕ್ಕೆ ಸಲ್ಲಿಕೆಯಾದ ದೂರುಗಳ ಬಗ್ಗೆ ಸಂಬಂಧಿಸಿದ ಅಧಿಕಾರಿಗಳು ತಕ್ಷಣ ಸ್ಪಂದಿಸಬೇಕು. ಜಿಲ್ಲೆಯಲ್ಲಿ ಬಾಕಿ ಇರುವ ಪ್ರಕರಣಗಳನ್ನು ತ್ವರಿತವಾಗಿ ವಿಲೇವಾರಿ ಮಾಡಬೇಕು ಎಂದು ಸೂಚಿಸಿದರು. ಪೊಲೀಸ್ ಇಲಾಖೆ, ಆರೋಗ್ಯ ಇಲಾಖೆ, ಶಿಕ್ಷಣ ಇಲಾಖೆ ಸೇರಿದಂತೆ ವಿವಿಧ ಇಲಾಖೆಗಳಿಗೆ ಸಂಬಂಧಿಸಿದ ದೂರುಗಳ ವಿಚಾರಣೆ ನಡೆಸಲಾಯಿತು. ಸಾರ್ವಜನಿಕರ ಹಕ್ಕುಗಳ ರಕ್ಷಣೆ ಅಧಿಕಾರಿಗಳ ಕರ್ತವ್ಯ. ಅಧಿಕಾರಿಗಳು ಜನಸ್ನೇಹಿಯಾಗಿ ಕಾರ್ಯನಿರ್ವಹಿಸಬೇಕು ಎಂದರು.
ಹಲ್ಯಾಳ: ಗ್ರಾಮದ ಸುವರ್ಣ ಶಿಕ್ಷಕರಾಜ ಕಾರ್ಯಾಲಯದಲ್ಲಿ ಶ್ರೀ ಮಲ್ಲಿಕಾರ್ಜುನ ಪಿರಮಿಡ್ ಧ್ಯಾನ ಕೇಂದ್ರದ ಆಶ್ರಯದಲ್ಲಿ ಜ್ಞಾನ ಹಾಗೂ ಧ್ಯಾನ ಶಿಬಿರ ನಡೆಯಿತು. ಪಿರಮಿಡ್ ಶಕ್ತಿಯಿಂದ ಮಾನಸಿಕ ಒತ್ತಡ ಕಡಿಮೆಯಾಗುತ್ತದೆ ಎಂದು ಶಿಬಿರದಲ್ಲಿ ಭಾಗವಹಿಸಿದ್ದ ಗುರುಗಳು ಹೇಳಿದರು. ಧ್ಯಾನದ ಮೂಲಕ ಶಾಂತಿ ಸಮಾಧಾನ ಪಡೆಯಬಹುದು, ನಿತ್ಯ ಧ್ಯಾನ ಮಾಡುವುದರಿಂದ ಆರೋಗ್ಯ ವೃದ್ಧಿಯಾಗುತ್ತದೆ. ಪಿರಮಿಡ್ ಆಕೃತಿಯಲ್ಲಿ ಕುಳಿತು ಧ್ಯಾನ ಮಾಡಿದರೆ ಹೆಚ್ಚಿನ ಶಕ್ತಿ ದೊರೆಯುತ್ತದೆ. ಡಾ. ಬ್ರಹ್ಮಾನಂದ ಸ್ವಾಮೀಜಿ ಮಾತನಾಡಿ, ಸದ್ಯದ ದಿನಗಳಲ್ಲಿ
ಮಾನವ ಹಕ್ಕುಗಳ ಉಲ್ಲಂಘನೆ ಪ್ರಕರಣಗಳ ವಿಲೇವಾರಿ, ದೂರುಗಳ ವಿಚಾರಣಾ ಸಭೆ
ಕಟ್ಟಡ ನಿರ್ಮಾಣಕ್ಕೆ ಸೂಚನೆ ನೀಡಲಾಯಿತು. ಸಿಇಒ ಹಾಗೂ ಮಹಾನಗರ ಪಾಲಿಕೆ ಆಯುಕ್ತರು ಸೂಕ್ತ ಕ್ರಮ ಕೈಗೊಳ್ಳಬೇಕು. ಸರ್ಕಾರಿ ಶಾಲೆಗಳಲ್ಲಿ ಮೂಲ ಸೌಕರ್ಯಗಳನ್ನು ಕಲ್ಪಿಸಬೇಕು ಎಂದರು. ಜಿಲ್ಲಾಧಿಕಾರಿ ಮೊಹಮ್ಮದ್ ರೋಷನ್ ಮಾತನಾಡಿ, ಆಯೋಗದ ಸೂಚನೆಯಂತೆ ಪ್ರಕರಣಗಳ ವಿಲೇವಾರಿಗೆ ಕ್ರಮ ವಹಿಸಲಾಗುವುದು. ಈ ವೇಳೆ ನಗರ ಪೊಲೀಸ್ ಆಯುಕ್ತ ಭೂಷಣ್ ಬೊರಸೆ, ಜಿಲ್ಲಾ ಪಂಚಾಯತ್ ಸಿಇಒ ರಾಹುಲ್ ಶಿಂಧೆ, ಜಿಲ್ಲಾ ಪೊಲೀಸ್ ವರಿಷ್ಠಾಧಿಕಾರಿ ಕೆ. ರಾಮರಾಜನ್, ಹೆಚ್ಚುವರಿ ಜಿಲ್ಲಾಧಿಕಾರಿ ಸೇರಿದಂತೆ ಜಿಲ್ಲಾ ಮಟ್ಟದ ಅಧಿಕಾರಿಗಳು ಉಪಸ್ಥಿತರಿದ್ದರು.
